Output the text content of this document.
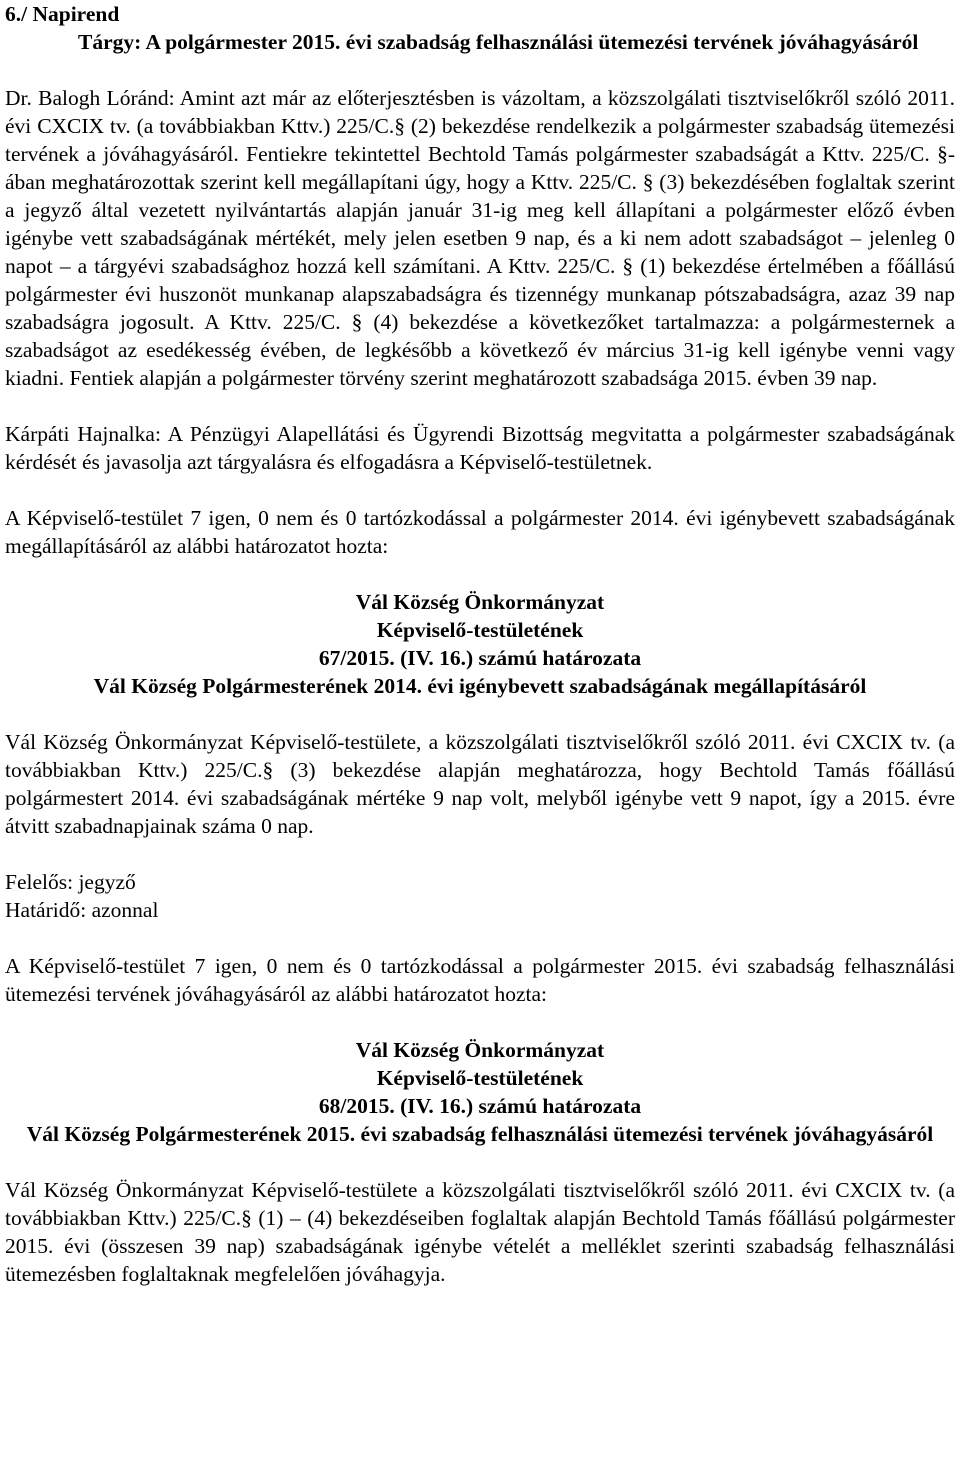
6./ Napirend

Tárgy: A polgármester 2015. évi szabadság felhasználási ütemezési tervének jóváhagyásáról

Dr. Balogh Lóránd: Amint azt már az előterjesztésben is vázoltam, a közszolgálati tisztviselőkről szóló 2011. évi CXCIX tv. (a továbbiakban Kttv.) 225/C.§ (2) bekezdése rendelkezik a polgármester szabadság ütemezési tervének a jóváhagyásáról. Fentiekre tekintettel Bechtold Tamás polgármester szabadságát a Kttv. 225/C. §-ában meghatározottak szerint kell megállapítani úgy, hogy a Kttv. 225/C. § (3) bekezdésében foglaltak szerint a jegyző által vezetett nyilvántartás alapján január 31-ig meg kell állapítani a polgármester előző évben igénybe vett szabadságának mértékét, mely jelen esetben 9 nap, és a ki nem adott szabadságot – jelenleg 0 napot – a tárgyévi szabadsághoz hozzá kell számítani. A Kttv. 225/C. § (1) bekezdése értelmében a főállású polgármester évi huszonöt munkanap alapszabadságra és tizennégy munkanap pótszabadságra, azaz 39 nap szabadságra jogosult. A Kttv. 225/C. § (4) bekezdése a következőket tartalmazza: a polgármesternek a szabadságot az esedékesség évében, de legkésőbb a következő év március 31-ig kell igénybe venni vagy kiadni. Fentiek alapján a polgármester törvény szerint meghatározott szabadsága 2015. évben 39 nap.

Kárpáti Hajnalka: A Pénzügyi Alapellátási és Ügyrendi Bizottság megvitatta a polgármester szabadságának kérdését és javasolja azt tárgyalásra és elfogadásra a Képviselő-testületnek.

A Képviselő-testület 7 igen, 0 nem és 0 tartózkodással a polgármester 2014. évi igénybevett szabadságának megállapításáról az alábbi határozatot hozta:

Vál Község Önkormányzat

Képviselő-testületének

67/2015. (IV. 16.) számú határozata

Vál Község Polgármesterének 2014. évi igénybevett szabadságának megállapításáról

Vál Község Önkormányzat Képviselő-testülete, a közszolgálati tisztviselőkről szóló 2011. évi CXCIX tv. (a továbbiakban Kttv.) 225/C.§ (3) bekezdése alapján meghatározza, hogy Bechtold Tamás főállású polgármestert 2014. évi szabadságának mértéke 9 nap volt, melyből igénybe vett 9 napot, így a 2015. évre átvitt szabadnapjainak száma 0 nap.

Felelős: jegyző

Határidő: azonnal

A Képviselő-testület 7 igen, 0 nem és 0 tartózkodással a polgármester 2015. évi szabadság felhasználási ütemezési tervének jóváhagyásáról az alábbi határozatot hozta:

Vál Község Önkormányzat

Képviselő-testületének

68/2015. (IV. 16.) számú határozata

Vál Község Polgármesterének 2015. évi szabadság felhasználási ütemezési tervének jóváhagyásáról

Vál Község Önkormányzat Képviselő-testülete a közszolgálati tisztviselőkről szóló 2011. évi CXCIX tv. (a továbbiakban Kttv.) 225/C.§ (1) – (4) bekezdéseiben foglaltak alapján Bechtold Tamás főállású polgármester 2015. évi (összesen 39 nap) szabadságának igénybe vételét a melléklet szerinti szabadság felhasználási ütemezésben foglaltaknak megfelelően jóváhagyja.
